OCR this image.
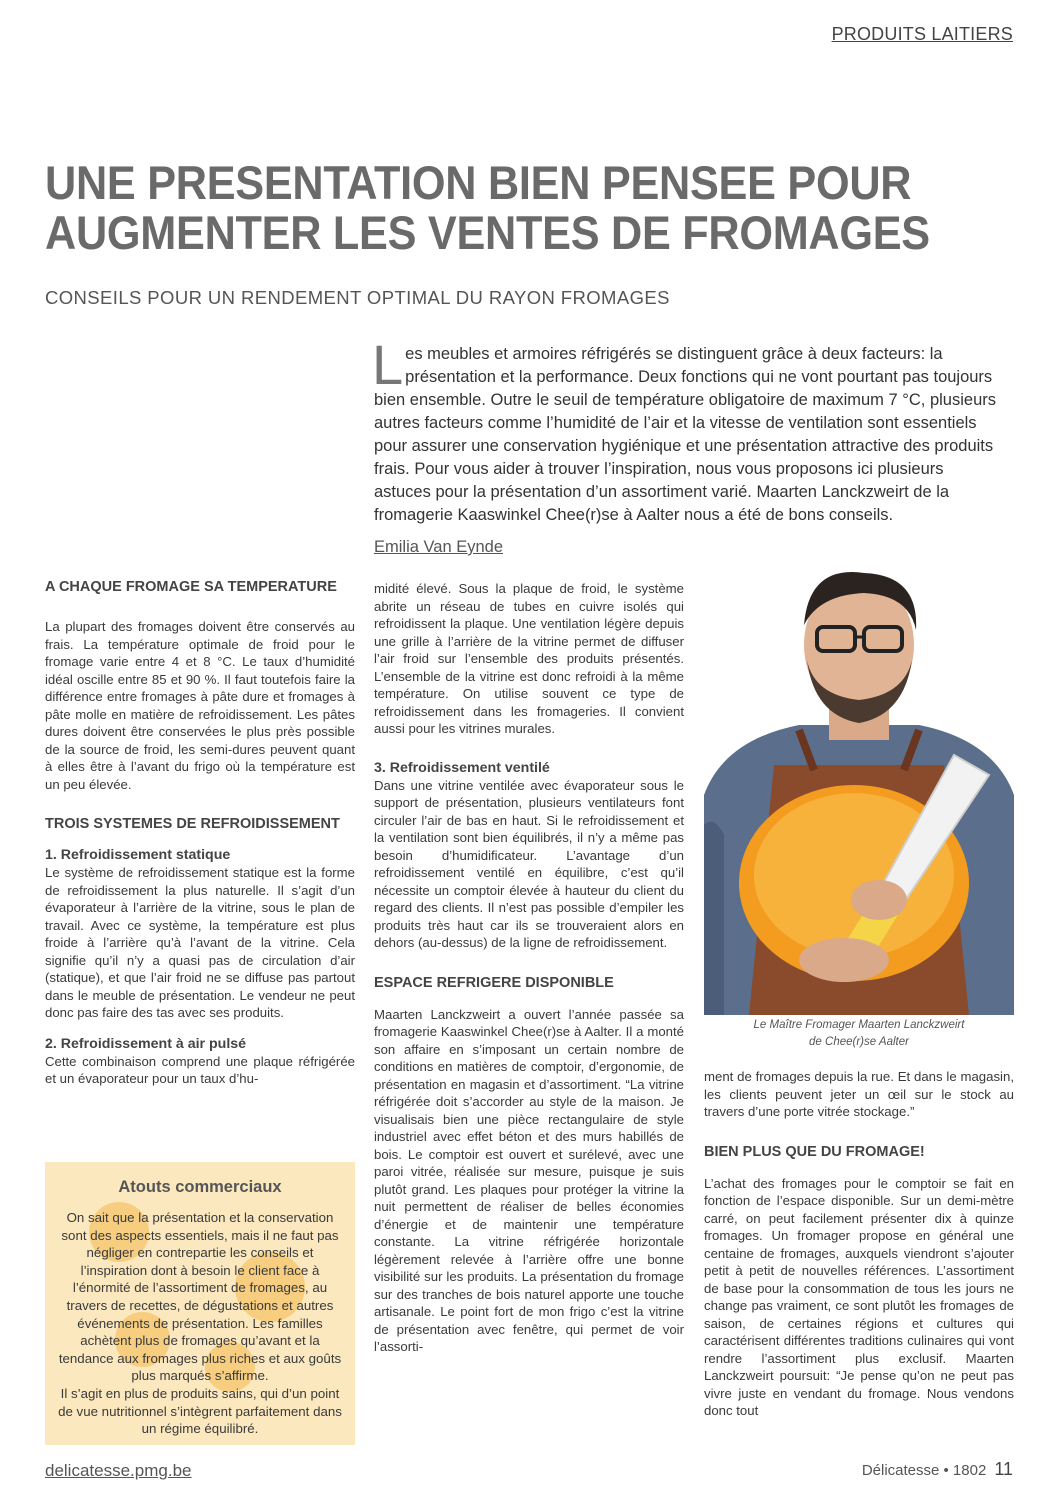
PRODUITS LAITIERS
UNE PRESENTATION BIEN PENSEE POUR
AUGMENTER LES VENTES DE FROMAGES
CONSEILS POUR UN RENDEMENT OPTIMAL DU RAYON FROMAGES
Les meubles et armoires réfrigérés se distinguent grâce à deux facteurs: la présentation et la performance. Deux fonctions qui ne vont pourtant pas toujours bien ensemble. Outre le seuil de température obligatoire de maximum 7 °C, plusieurs autres facteurs comme l’humidité de l’air et la vitesse de ventilation sont essentiels pour assurer une conservation hygiénique et une présentation attractive des produits frais. Pour vous aider à trouver l’inspiration, nous vous proposons ici plusieurs astuces pour la présentation d’un assortiment varié. Maarten Lanckzweirt de la fromagerie Kaaswinkel Chee(r)se à Aalter nous a été de bons conseils.
Emilia Van Eynde
A CHAQUE FROMAGE SA TEMPERATURE

La plupart des fromages doivent être conservés au frais. La température optimale de froid pour le fromage varie entre 4 et 8 °C. Le taux d’humidité idéal oscille entre 85 et 90 %. Il faut toutefois faire la différence entre fromages à pâte dure et fromages à pâte molle en matière de refroidissement. Les pâtes dures doivent être conservées le plus près possible de la source de froid, les semi-dures peuvent quant à elles être à l’avant du frigo où la température est un peu élevée.

TROIS SYSTEMES DE REFROIDISSEMENT
1. Refroidissement statique

Le système de refroidissement statique est la forme de refroidissement la plus naturelle. Il s’agit d’un évaporateur à l’arrière de la vitrine, sous le plan de travail. Avec ce système, la température est plus froide à l’arrière qu’à l’avant de la vitrine. Cela signifie qu’il n’y a quasi pas de circulation d’air (statique), et que l’air froid ne se diffuse pas partout dans le meuble de présentation. Le vendeur ne peut donc pas faire des tas avec ses produits.

2. Refroidissement à air pulsé

Cette combinaison comprend une plaque réfrigérée et un évaporateur pour un taux d’hu-

Atouts commerciaux

On sait que la présentation et la conservation sont des aspects essentiels, mais il ne faut pas négliger en contrepartie les conseils et l’inspiration dont à besoin le client face à l’énormité de l’assortiment de fromages, au travers de recettes, de dégustations et autres événements de présentation. Les familles achètent plus de fromages qu’avant et la tendance aux fromages plus riches et aux goûts plus marqués s’affirme.

Il s’agit en plus de produits sains, qui d’un point de vue nutritionnel s’intègrent parfaitement dans un régime équilibré.

midité élevé. Sous la plaque de froid, le système abrite un réseau de tubes en cuivre isolés qui refroidissent la plaque. Une ventilation légère depuis une grille à l’arrière de la vitrine permet de diffuser l’air froid sur l’ensemble des produits présentés. L’ensemble de la vitrine est donc refroidi à la même température. On utilise souvent ce type de refroidissement dans les fromageries. Il convient aussi pour les vitrines murales.

3. Refroidissement ventilé

Dans une vitrine ventilée avec évaporateur sous le support de présentation, plusieurs ventilateurs font circuler l’air de bas en haut. Si le refroidissement et la ventilation sont bien équilibrés, il n’y a même pas besoin d’humidificateur. L’avantage d’un refroidissement ventilé en équilibre, c’est qu’il nécessite un comptoir élevée à hauteur du client du regard des clients. Il n’est pas possible d’empiler les produits très haut car ils se trouveraient alors en dehors (au-dessus) de la ligne de refroidissement.

ESPACE REFRIGERE DISPONIBLE

Maarten Lanckzweirt a ouvert l’année passée sa fromagerie Kaaswinkel Chee(r)se à Aalter. Il a monté son affaire en s’imposant un certain nombre de conditions en matières de comptoir, d’ergonomie, de présentation en magasin et d’assortiment. “La vitrine réfrigérée doit s’accorder au style de la maison. Je visualisais bien une pièce rectangulaire de style industriel avec effet béton et des murs habillés de bois. Le comptoir est ouvert et surélevé, avec une paroi vitrée, réalisée sur mesure, puisque je suis plutôt grand. Les plaques pour protéger la vitrine la nuit permettent de réaliser de belles économies d’énergie et de maintenir une température constante. La vitrine réfrigérée horizontale légèrement relevée à l’arrière offre une bonne visibilité sur les produits. La présentation du fromage sur des tranches de bois naturel apporte une touche artisanale. Le point fort de mon frigo c’est la vitrine de présentation avec fenêtre, qui permet de voir l’assorti-

Le Maître Fromager Maarten Lanckzweirt
de Chee(r)se Aalter

ment de fromages depuis la rue. Et dans le magasin, les clients peuvent jeter un œil sur le stock au travers d’une porte vitrée stockage.”

BIEN PLUS QUE DU FROMAGE!

L’achat des fromages pour le comptoir se fait en fonction de l’espace disponible. Sur un demi-mètre carré, on peut facilement présenter dix à quinze fromages. Un fromager propose en général une centaine de fromages, auxquels viendront s’ajouter petit à petit de nouvelles références. L’assortiment de base pour la consommation de tous les jours ne change pas vraiment, ce sont plutôt les fromages de saison, de certaines régions et cultures qui caractérisent différentes traditions culinaires qui vont rendre l’assortiment plus exclusif. Maarten Lanckzweirt poursuit: “Je pense qu’on ne peut pas vivre juste en vendant du fromage. Nous vendons donc tout

delicatesse.pmg.be	Délicatesse • 1802 11
